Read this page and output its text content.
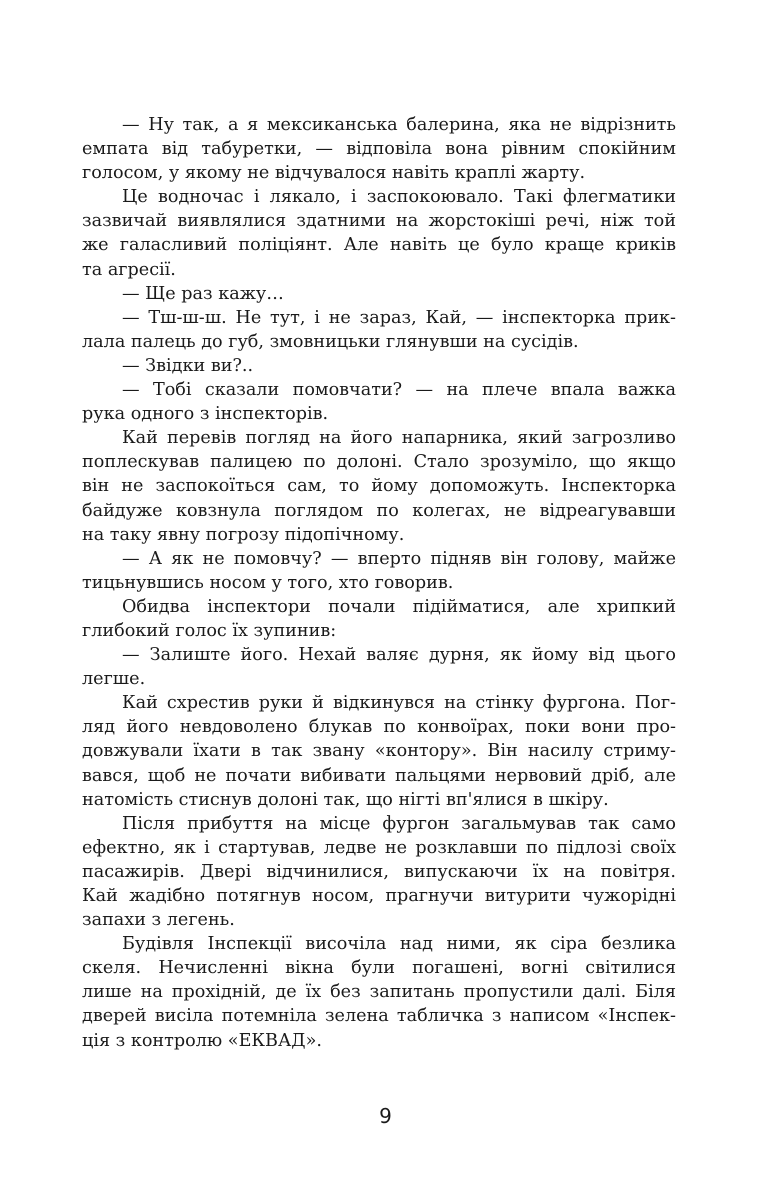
— Ну так, а я мексиканська балерина, яка не відрізнить
емпата від табуретки, — відповіла вона рівним спокійним
голосом, у якому не відчувалося навіть краплі жарту.
Це водночас і лякало, і заспокоювало. Такі флегматики
зазвичай виявлялися здатними на жорстокіші речі, ніж той
же галасливий поліціянт. Але навіть це було краще криків
та агресії.
— Ще раз кажу…
— Тш-ш-ш. Не тут, і не зараз, Кай, — інспекторка прик-
лала палець до губ, змовницьки глянувши на сусідів.
— Звідки ви?..
— Тобі сказали помовчати? — на плече впала важка
рука одного з інспекторів.
Кай перевів погляд на його напарника, який загрозливо
поплескував палицею по долоні. Стало зрозуміло, що якщо
він не заспокоїться сам, то йому допоможуть. Інспекторка
байдуже ковзнула поглядом по колегах, не відреагувавши
на таку явну погрозу підопічному.
— А як не помовчу? — вперто підняв він голову, майже
тицьнувшись носом у того, хто говорив.
Обидва інспектори почали підійматися, але хрипкий
глибокий голос їх зупинив:
— Залиште його. Нехай валяє дурня, як йому від цього
легше.
Кай схрестив руки й відкинувся на стінку фургона. Пог-
ляд його невдоволено блукав по конвоїрах, поки вони про-
довжували їхати в так звану «контору». Він насилу стриму-
вався, щоб не почати вибивати пальцями нервовий дріб, але
натомість стиснув долоні так, що нігті вп'ялися в шкіру.
Після прибуття на місце фургон загальмував так само
ефектно, як і стартував, ледве не розклавши по підлозі своїх
пасажирів. Двері відчинилися, випускаючи їх на повітря.
Кай жадібно потягнув носом, прагнучи витурити чужорідні
запахи з легень.
Будівля Інспекції височіла над ними, як сіра безлика
скеля. Нечисленні вікна були погашені, вогні світилися
лише на прохідній, де їх без запитань пропустили далі. Біля
дверей висіла потемніла зелена табличка з написом «Інспек-
ція з контролю «ЕКВАД».
9
